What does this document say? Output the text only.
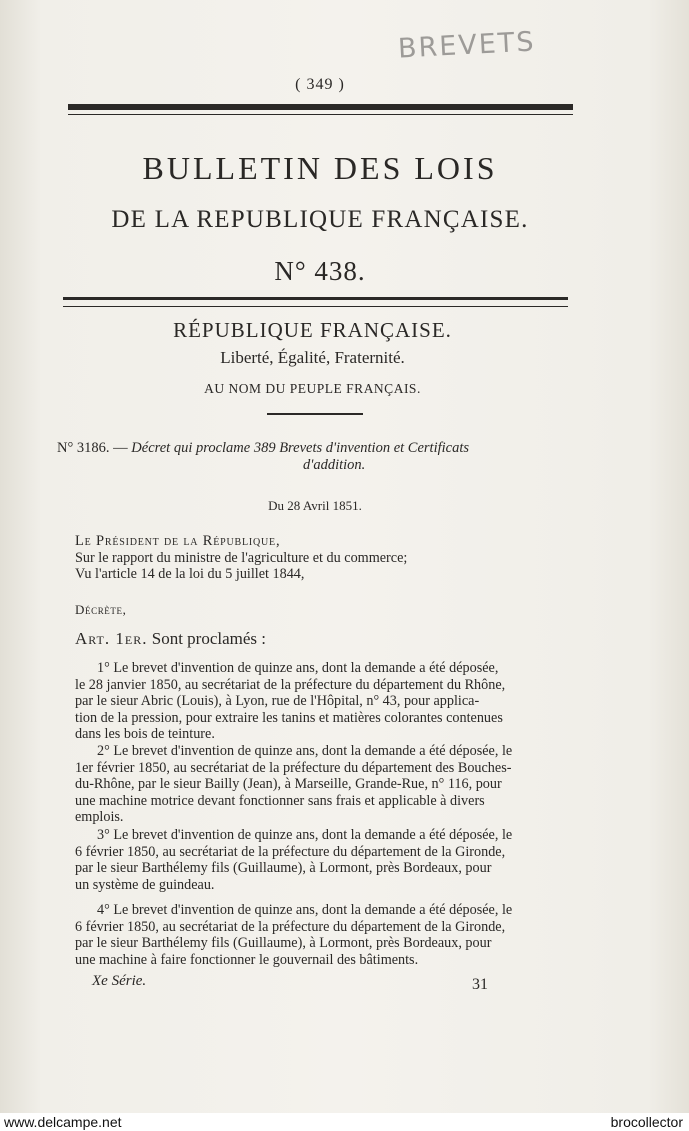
BREVETS
( 349 )
BULLETIN DES LOIS
DE LA REPUBLIQUE FRANÇAISE.
N° 438.
RÉPUBLIQUE FRANÇAISE.
Liberté, Égalité, Fraternité.
AU NOM DU PEUPLE FRANÇAIS.
N° 3186. — Décret qui proclame 389 Brevets d'invention et Certificats
d'addition.
Du 28 Avril 1851.
Le Président de la République,
Sur le rapport du ministre de l'agriculture et du commerce;
Vu l'article 14 de la loi du 5 juillet 1844,
Décrète,
Art. 1er. Sont proclamés :
1° Le brevet d'invention de quinze ans, dont la demande a été déposée,
le 28 janvier 1850, au secrétariat de la préfecture du département du Rhône,
par le sieur Abric (Louis), à Lyon, rue de l'Hôpital, n° 43, pour applica-
tion de la pression, pour extraire les tanins et matières colorantes contenues
dans les bois de teinture.
2° Le brevet d'invention de quinze ans, dont la demande a été déposée, le
1er février 1850, au secrétariat de la préfecture du département des Bouches-
du-Rhône, par le sieur Bailly (Jean), à Marseille, Grande-Rue, n° 116, pour
une machine motrice devant fonctionner sans frais et applicable à divers
emplois.
3° Le brevet d'invention de quinze ans, dont la demande a été déposée, le
6 février 1850, au secrétariat de la préfecture du département de la Gironde,
par le sieur Barthélemy fils (Guillaume), à Lormont, près Bordeaux, pour
un système de guindeau.
4° Le brevet d'invention de quinze ans, dont la demande a été déposée, le
6 février 1850, au secrétariat de la préfecture du département de la Gironde,
par le sieur Barthélemy fils (Guillaume), à Lormont, près Bordeaux, pour
une machine à faire fonctionner le gouvernail des bâtiments.
Xe Série.	31
www.delcampe.net	brocollector
